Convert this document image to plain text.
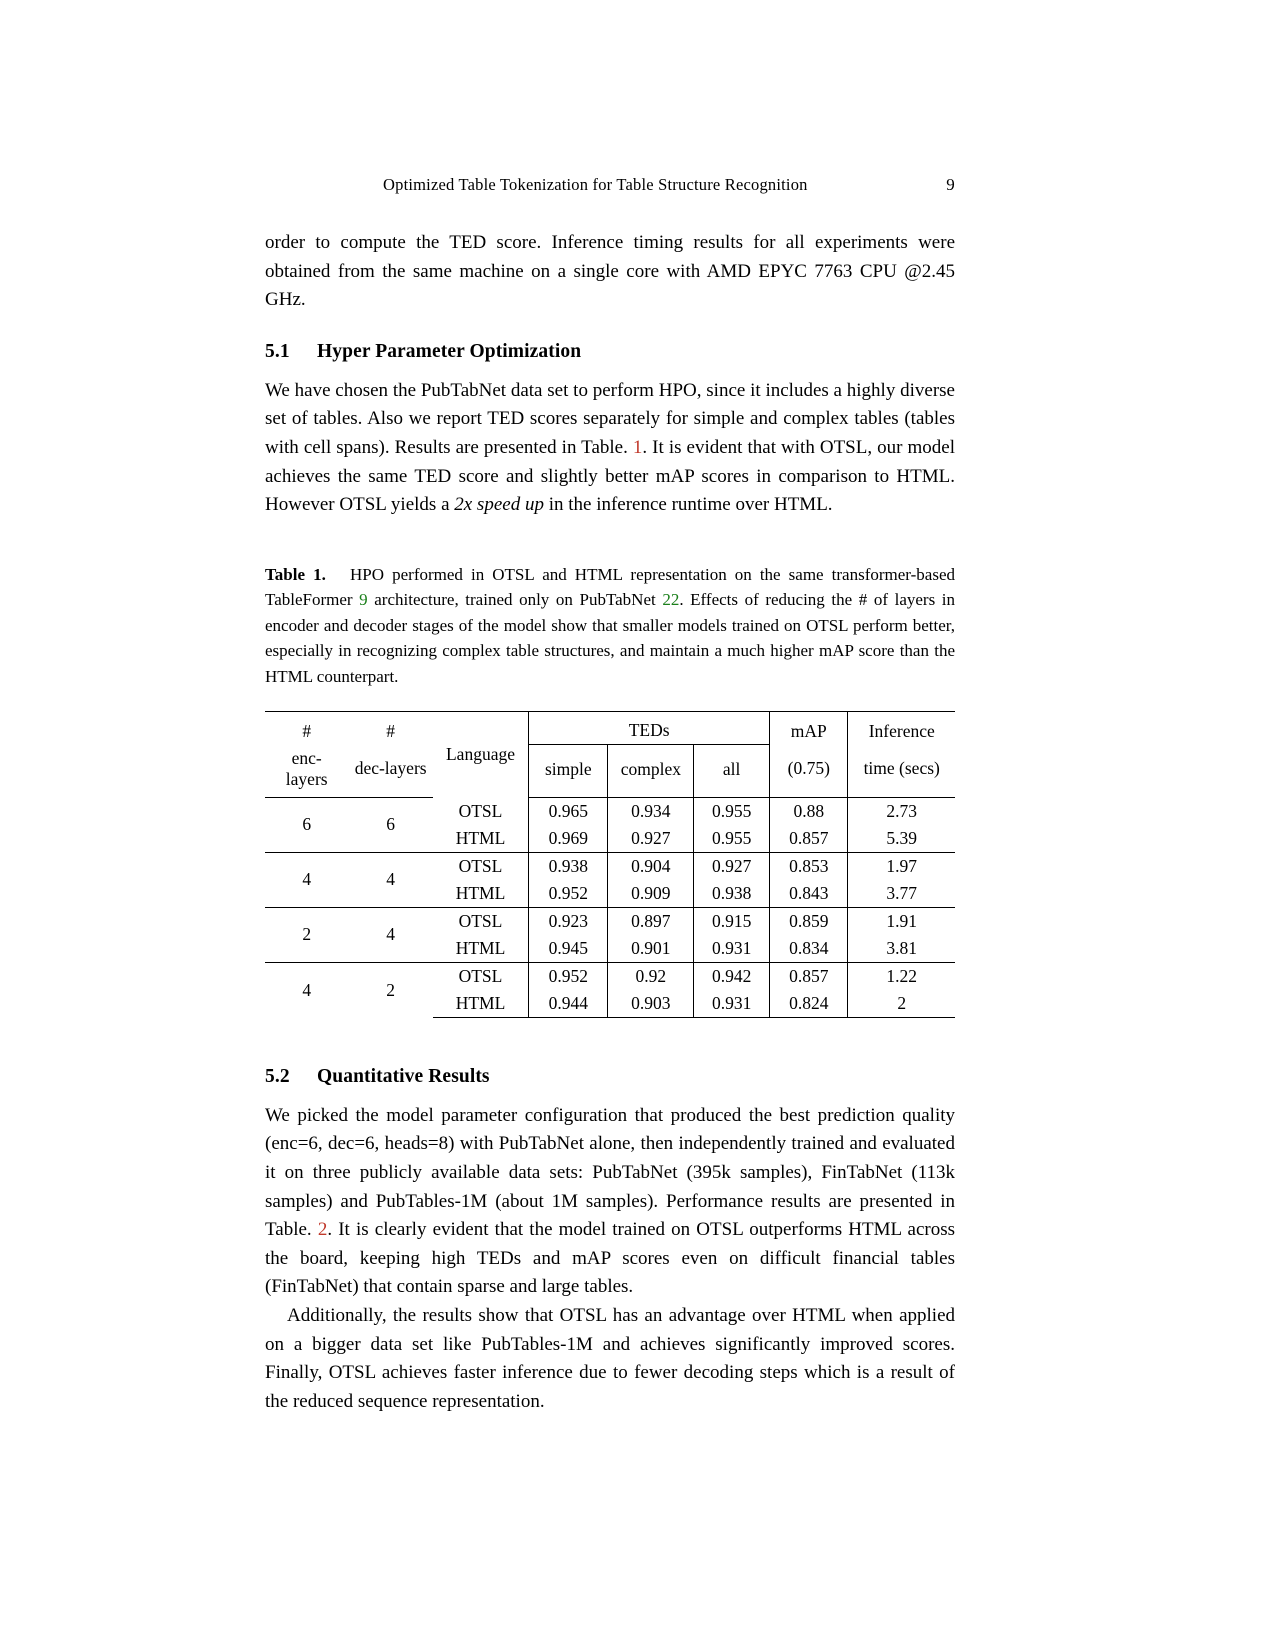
Optimized Table Tokenization for Table Structure Recognition	9

order to compute the TED score. Inference timing results for all experiments were obtained from the same machine on a single core with AMD EPYC 7763 CPU @2.45 GHz.

5.1 Hyper Parameter Optimization

We have chosen the PubTabNet data set to perform HPO, since it includes a highly diverse set of tables. Also we report TED scores separately for simple and complex tables (tables with cell spans). Results are presented in Table. 1. It is evident that with OTSL, our model achieves the same TED score and slightly better mAP scores in comparison to HTML. However OTSL yields a 2x speed up in the inference runtime over HTML.

Table 1. HPO performed in OTSL and HTML representation on the same transformer-based TableFormer 9 architecture, trained only on PubTabNet 22. Effects of reducing the # of layers in encoder and decoder stages of the model show that smaller models trained on OTSL perform better, especially in recognizing complex table structures, and maintain a much higher mAP score than the HTML counterpart.
#	#	Language	TEDs			mAP	Inference
enc-layers	dec-layers		simple	complex	all	(0.75)	time (secs)
6	6	OTSL	0.965	0.934	0.955	0.88	2.73
		HTML	0.969	0.927	0.955	0.857	5.39
4	4	OTSL	0.938	0.904	0.927	0.853	1.97
		HTML	0.952	0.909	0.938	0.843	3.77
2	4	OTSL	0.923	0.897	0.915	0.859	1.91
		HTML	0.945	0.901	0.931	0.834	3.81
4	2	OTSL	0.952	0.92	0.942	0.857	1.22
		HTML	0.944	0.903	0.931	0.824	2
5.2 Quantitative Results

We picked the model parameter configuration that produced the best prediction quality (enc=6, dec=6, heads=8) with PubTabNet alone, then independently trained and evaluated it on three publicly available data sets: PubTabNet (395k samples), FinTabNet (113k samples) and PubTables-1M (about 1M samples). Performance results are presented in Table. 2. It is clearly evident that the model trained on OTSL outperforms HTML across the board, keeping high TEDs and mAP scores even on difficult financial tables (FinTabNet) that contain sparse and large tables.

Additionally, the results show that OTSL has an advantage over HTML when applied on a bigger data set like PubTables-1M and achieves significantly improved scores. Finally, OTSL achieves faster inference due to fewer decoding steps which is a result of the reduced sequence representation.
